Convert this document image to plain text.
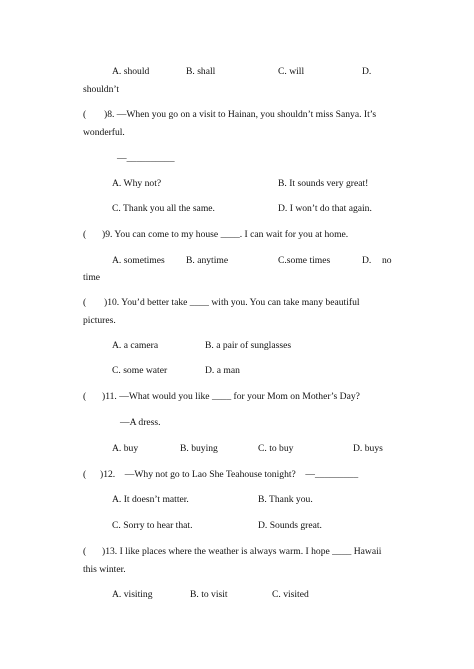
A. should	B. shall	C. will	D.
shouldn’t
( )8. —When you go on a visit to Hainan, you shouldn’t miss Sanya. It’s
wonderful.
—__________
A. Why not?	B. It sounds very great!
C. Thank you all the same.	D. I won’t do that again.
( )9. You can come to my house ____. I can wait for you at home.
A. sometimes B. anytime	C.some times	D. no
time
( )10. You’d better take ____ with you. You can take many beautiful
pictures.
A. a camera	B. a pair of sunglasses
C. some water	D. a man
( )11. —What would you like ____ for your Mom on Mother’s Day?
—A dress.
A. buy	B. buying	C. to buy	D. buys
( )12.    —Why not go to Lao She Teahouse tonight?    —_________
A. It doesn’t matter.	B. Thank you.
C. Sorry to hear that.	D. Sounds great.
( )13. I like places where the weather is always warm. I hope ____ Hawaii
this winter.
A. visiting	B. to visit	C. visited
